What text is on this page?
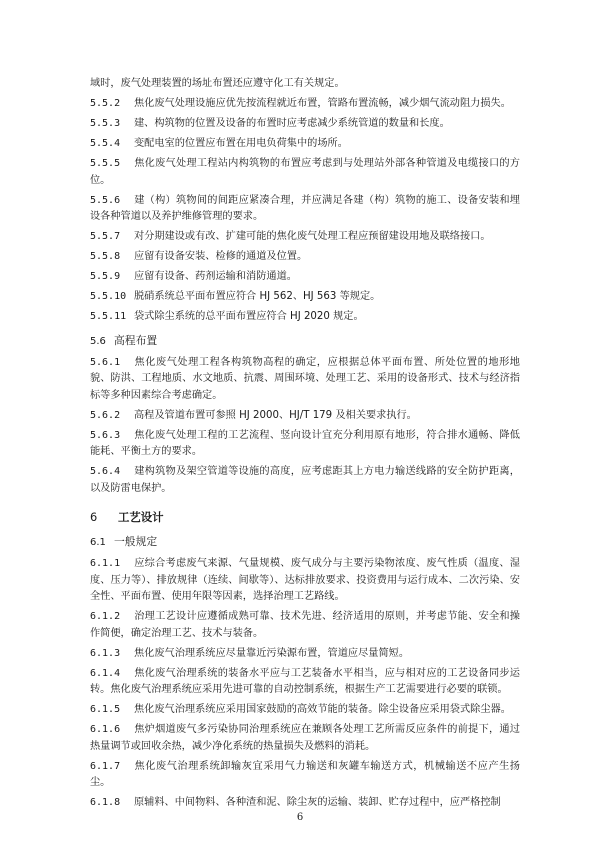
域时，废气处理装置的场址布置还应遵守化工有关规定。
5.5.2 焦化废气处理设施应优先按流程就近布置，管路布置流畅，减少烟气流动阻力损失。
5.5.3 建、构筑物的位置及设备的布置时应考虑减少系统管道的数量和长度。
5.5.4 变配电室的位置应布置在用电负荷集中的场所。
5.5.5 焦化废气处理工程站内构筑物的布置应考虑到与处理站外部各种管道及电缆接口的方位。
5.5.6 建（构）筑物间的间距应紧凑合理，并应满足各建（构）筑物的施工、设备安装和埋设各种管道以及养护维修管理的要求。
5.5.7 对分期建设或有改、扩建可能的焦化废气处理工程应预留建设用地及联络接口。
5.5.8 应留有设备安装、检修的通道及位置。
5.5.9 应留有设备、药剂运输和消防通道。
5.5.10 脱硝系统总平面布置应符合 HJ 562、HJ 563 等规定。
5.5.11 袋式除尘系统的总平面布置应符合 HJ 2020 规定。
5.6 高程布置
5.6.1 焦化废气处理工程各构筑物高程的确定，应根据总体平面布置、所处位置的地形地貌、防洪、工程地质、水文地质、抗震、周围环境、处理工艺、采用的设备形式、技术与经济指标等多种因素综合考虑确定。
5.6.2 高程及管道布置可参照 HJ 2000、HJ/T 179 及相关要求执行。
5.6.3 焦化废气处理工程的工艺流程、竖向设计宜充分利用原有地形，符合排水通畅、降低能耗、平衡土方的要求。
5.6.4 建构筑物及架空管道等设施的高度，应考虑距其上方电力输送线路的安全防护距离，以及防雷电保护。
6 工艺设计
6.1 一般规定
6.1.1 应综合考虑废气来源、气量规模、废气成分与主要污染物浓度、废气性质（温度、湿度、压力等）、排放规律（连续、间歇等）、达标排放要求、投资费用与运行成本、二次污染、安全性、平面布置、使用年限等因素，选择治理工艺路线。
6.1.2 治理工艺设计应遵循成熟可靠、技术先进、经济适用的原则，并考虑节能、安全和操作简便，确定治理工艺、技术与装备。
6.1.3 焦化废气治理系统应尽量靠近污染源布置，管道应尽量简短。
6.1.4 焦化废气治理系统的装备水平应与工艺装备水平相当，应与相对应的工艺设备同步运转。焦化废气治理系统应采用先进可靠的自动控制系统，根据生产工艺需要进行必要的联锁。
6.1.5 焦化废气治理系统应采用国家鼓励的高效节能的装备。除尘设备应采用袋式除尘器。
6.1.6 焦炉烟道废气多污染协同治理系统应在兼顾各处理工艺所需反应条件的前提下，通过热量调节或回收余热，减少净化系统的热量损失及燃料的消耗。
6.1.7 焦化废气治理系统卸输灰宜采用气力输送和灰罐车输送方式，机械输送不应产生扬尘。
6.1.8 原辅料、中间物料、各种渣和泥、除尘灰的运输、装卸、贮存过程中，应严格控制
6
